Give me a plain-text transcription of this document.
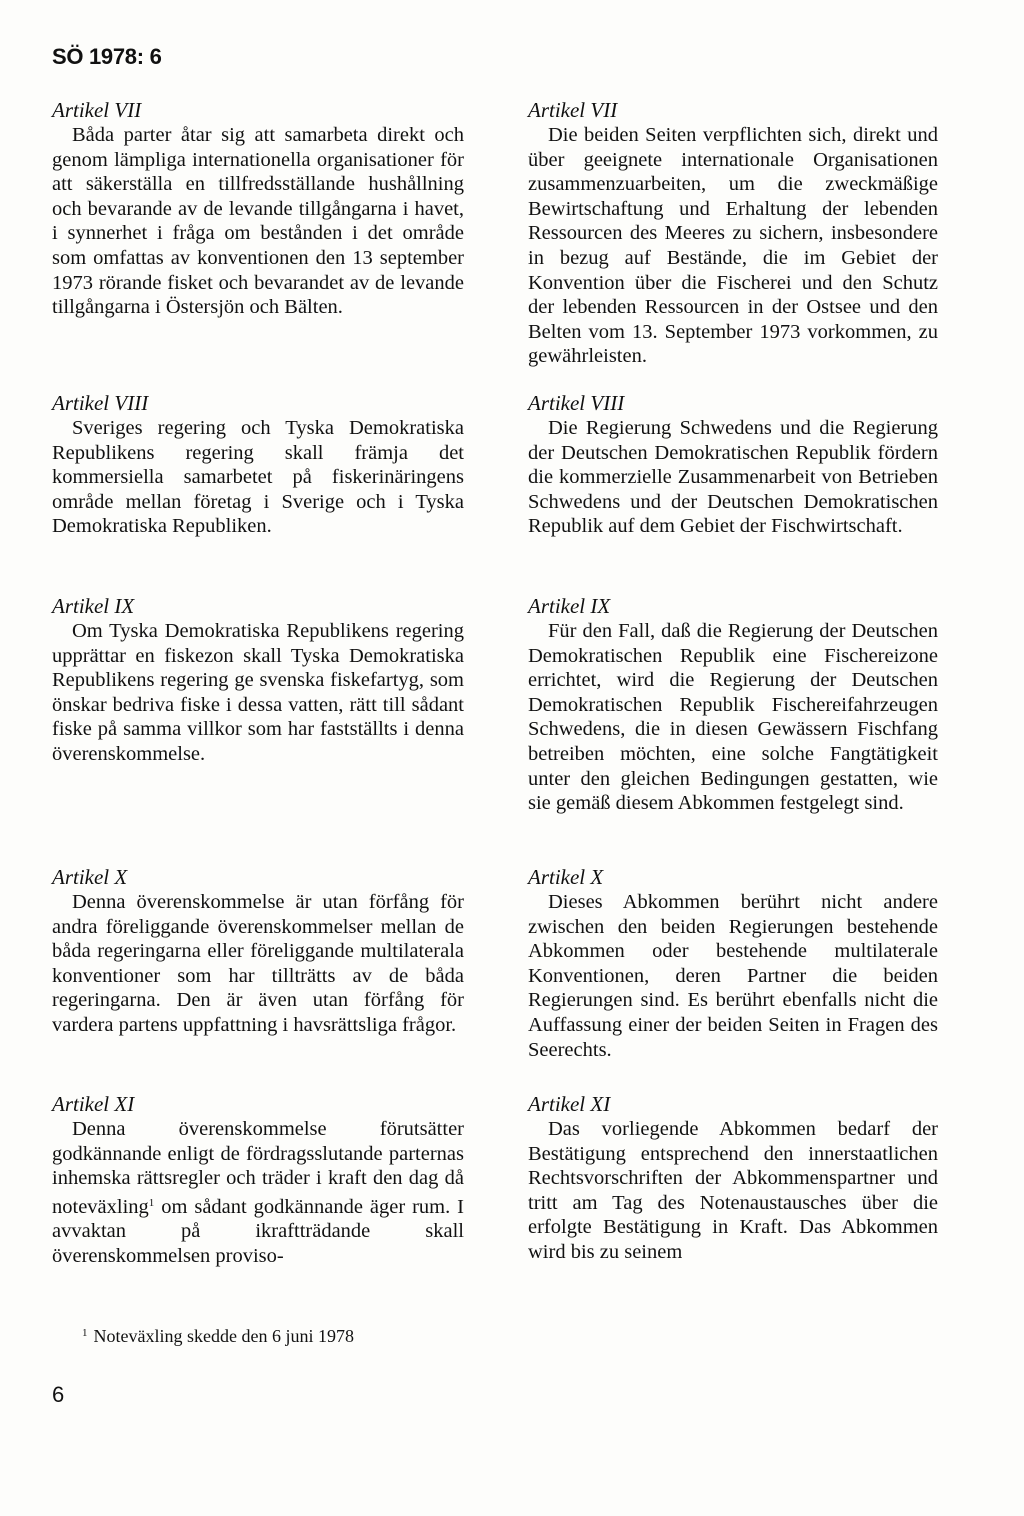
SÖ 1978: 6
Artikel VII
Båda parter åtar sig att samarbeta direkt och genom lämpliga internationella organisationer för att säkerställa en tillfredsställande hushållning och bevarande av de levande tillgångarna i havet, i synnerhet i fråga om bestånden i det område som omfattas av konventionen den 13 september 1973 rörande fisket och bevarandet av de levande tillgångarna i Östersjön och Bälten.
Artikel VIII
Sveriges regering och Tyska Demokratiska Republikens regering skall främja det kommersiella samarbetet på fiskerinäringens område mellan företag i Sverige och i Tyska Demokratiska Republiken.
Artikel IX
Om Tyska Demokratiska Republikens regering upprättar en fiskezon skall Tyska Demokratiska Republikens regering ge svenska fiskefartyg, som önskar bedriva fiske i dessa vatten, rätt till sådant fiske på samma villkor som har fastställts i denna överenskommelse.
Artikel X
Denna överenskommelse är utan förfång för andra föreliggande överenskommelser mellan de båda regeringarna eller föreliggande multilaterala konventioner som har tillträtts av de båda regeringarna. Den är även utan förfång för vardera partens uppfattning i havsrättsliga frågor.
Artikel XI
Denna överenskommelse förutsätter godkännande enligt de fördragsslutande parternas inhemska rättsregler och träder i kraft den dag då noteväxling$^1$ om sådant godkännande äger rum. I avvaktan på ikraftträdande skall överenskommelsen proviso-
Artikel VII
Die beiden Seiten verpflichten sich, direkt und über geeignete internationale Organisationen zusammenzuarbeiten, um die zweckmäßige Bewirtschaftung und Erhaltung der lebenden Ressourcen des Meeres zu sichern, insbesondere in bezug auf Bestände, die im Gebiet der Konvention über die Fischerei und den Schutz der lebenden Ressourcen in der Ostsee und den Belten vom 13. September 1973 vorkommen, zu gewährleisten.
Artikel VIII
Die Regierung Schwedens und die Regierung der Deutschen Demokratischen Republik fördern die kommerzielle Zusammenarbeit von Betrieben Schwedens und der Deutschen Demokratischen Republik auf dem Gebiet der Fischwirtschaft.
Artikel IX
Für den Fall, daß die Regierung der Deutschen Demokratischen Republik eine Fischereizone errichtet, wird die Regierung der Deutschen Demokratischen Republik Fischereifahrzeugen Schwedens, die in diesen Gewässern Fischfang betreiben möchten, eine solche Fangtätigkeit unter den gleichen Bedingungen gestatten, wie sie gemäß diesem Abkommen festgelegt sind.
Artikel X
Dieses Abkommen berührt nicht andere zwischen den beiden Regierungen bestehende Abkommen oder bestehende multilaterale Konventionen, deren Partner die beiden Regierungen sind. Es berührt ebenfalls nicht die Auffassung einer der beiden Seiten in Fragen des Seerechts.
Artikel XI
Das vorliegende Abkommen bedarf der Bestätigung entsprechend den innerstaatlichen Rechtsvorschriften der Abkommenspartner und tritt am Tag des Notenaustausches über die erfolgte Bestätigung in Kraft. Das Abkommen wird bis zu seinem
$^1$ Noteväxling skedde den 6 juni 1978
6
